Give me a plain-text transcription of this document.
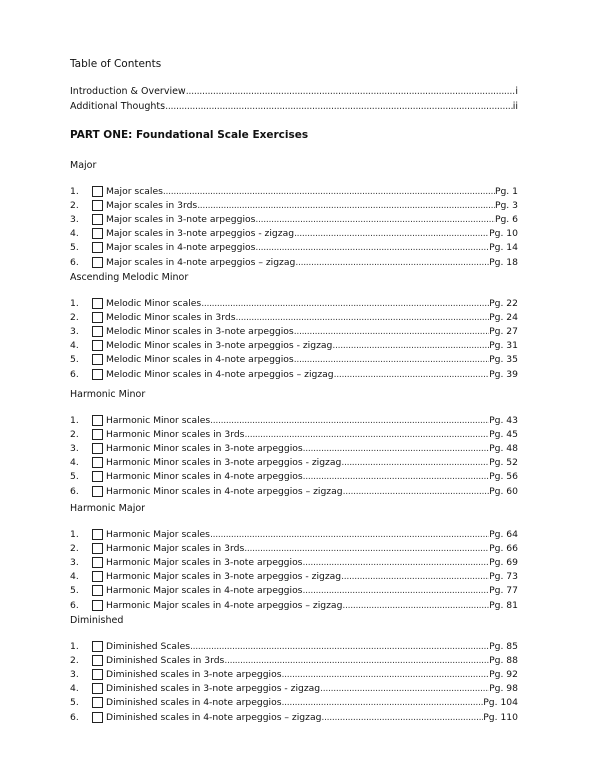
Table of Contents
Introduction & Overview .....	i
Additional Thoughts .....	ii
PART ONE: Foundational Scale Exercises
Major
1.	Major scales .....	Pg. 1
2.	Major scales in 3rds .....	Pg. 3
3.	Major scales in 3-note arpeggios .....	Pg. 6
4.	Major scales in 3-note arpeggios - zigzag .....	Pg. 10
5.	Major scales in 4-note arpeggios .....	Pg. 14
6.	Major scales in 4-note arpeggios – zigzag .....	Pg. 18
Ascending Melodic Minor
1.	Melodic Minor scales .....	Pg. 22
2.	Melodic Minor scales in 3rds .....	Pg. 24
3.	Melodic Minor scales in 3-note arpeggios .....	Pg. 27
4.	Melodic Minor scales in 3-note arpeggios - zigzag .....	Pg. 31
5.	Melodic Minor scales in 4-note arpeggios .....	Pg. 35
6.	Melodic Minor scales in 4-note arpeggios – zigzag .....	Pg. 39
Harmonic Minor
1.	Harmonic Minor scales .....	Pg. 43
2.	Harmonic Minor scales in 3rds .....	Pg. 45
3.	Harmonic Minor scales in 3-note arpeggios .....	Pg. 48
4.	Harmonic Minor scales in 3-note arpeggios - zigzag .....	Pg. 52
5.	Harmonic Minor scales in 4-note arpeggios .....	Pg. 56
6.	Harmonic Minor scales in 4-note arpeggios – zigzag .....	Pg. 60
Harmonic Major
1.	Harmonic Major scales .....	Pg. 64
2.	Harmonic Major scales in 3rds .....	Pg. 66
3.	Harmonic Major scales in 3-note arpeggios .....	Pg. 69
4.	Harmonic Major scales in 3-note arpeggios - zigzag .....	Pg. 73
5.	Harmonic Major scales in 4-note arpeggios .....	Pg. 77
6.	Harmonic Major scales in 4-note arpeggios – zigzag .....	Pg. 81
Diminished
1.	Diminished Scales .....	Pg. 85
2.	Diminished Scales in 3rds .....	Pg. 88
3.	Diminished scales in 3-note arpeggios .....	Pg. 92
4.	Diminished scales in 3-note arpeggios - zigzag .....	Pg. 98
5.	Diminished scales in 4-note arpeggios .....	Pg. 104
6.	Diminished scales in 4-note arpeggios – zigzag .....	Pg. 110
